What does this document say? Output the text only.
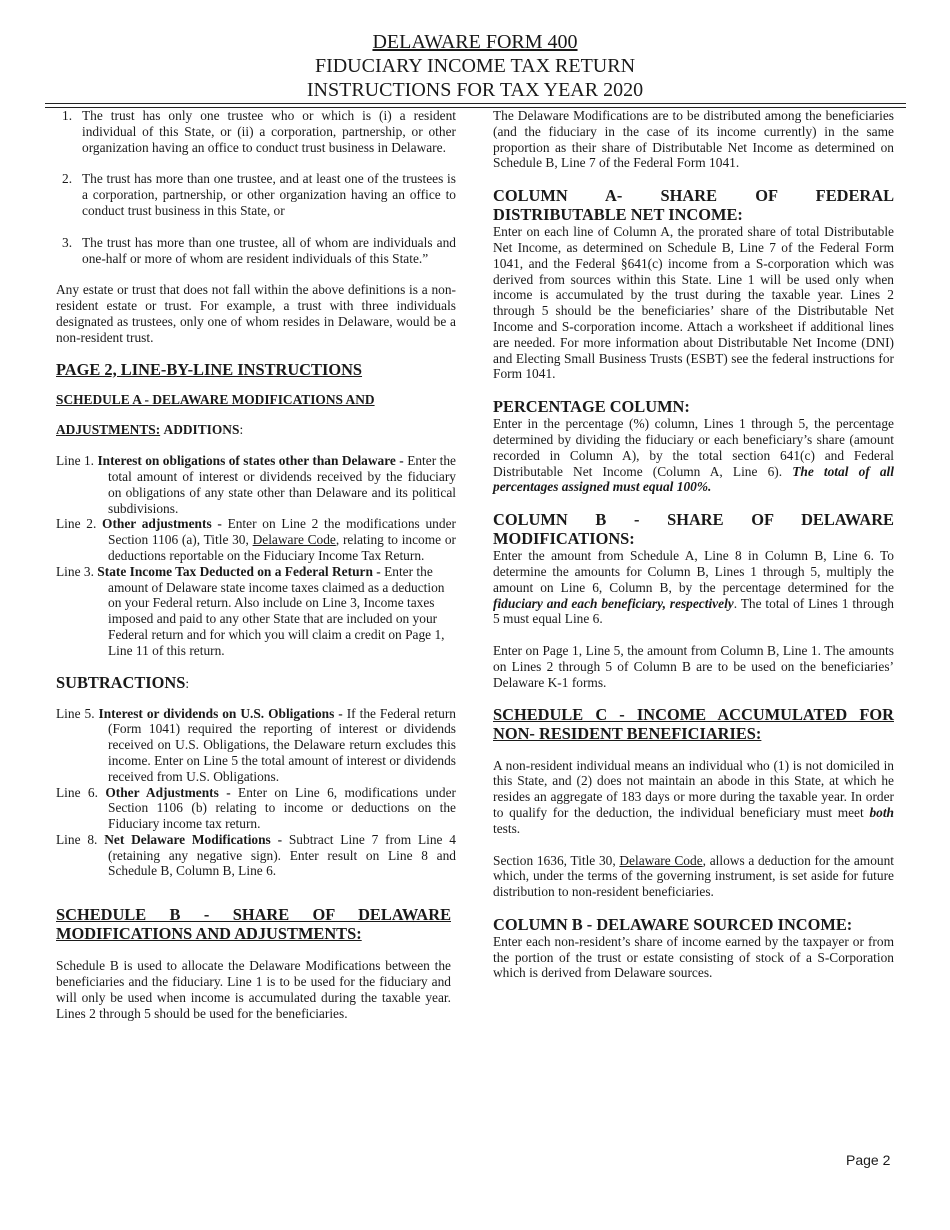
DELAWARE FORM 400
FIDUCIARY INCOME TAX RETURN
INSTRUCTIONS FOR TAX YEAR 2020
1. The trust has only one trustee who or which is (i) a resident individual of this State, or (ii) a corporation, partnership, or other organization having an office to conduct trust business in Delaware.
2. The trust has more than one trustee, and at least one of the trustees is a corporation, partnership, or other organization having an office to conduct trust business in this State, or
3. The trust has more than one trustee, all of whom are individuals and one-half or more of whom are resident individuals of this State.”

Any estate or trust that does not fall within the above definitions is a non-resident estate or trust. For example, a trust with three individuals designated as trustees, only one of whom resides in Delaware, would be a non-resident trust.

PAGE 2, LINE-BY-LINE INSTRUCTIONS
SCHEDULE A - DELAWARE MODIFICATIONS AND
ADJUSTMENTS: ADDITIONS:
Line 1. Interest on obligations of states other than Delaware - Enter the total amount of interest or dividends received by the fiduciary on obligations of any state other than Delaware and its political subdivisions.
Line 2. Other adjustments - Enter on Line 2 the modifications under Section 1106 (a), Title 30, Delaware Code, relating to income or deductions reportable on the Fiduciary Income Tax Return.
Line 3. State Income Tax Deducted on a Federal Return - Enter the amount of Delaware state income taxes claimed as a deduction on your Federal return. Also include on Line 3, Income taxes imposed and paid to any other State that are included on your Federal return and for which you will claim a credit on Page 1, Line 11 of this return.
SUBTRACTIONS:
Line 5. Interest or dividends on U.S. Obligations - If the Federal return (Form 1041) required the reporting of interest or dividends received on U.S. Obligations, the Delaware return excludes this income. Enter on Line 5 the total amount of interest or dividends received from U.S. Obligations.
Line 6. Other Adjustments - Enter on Line 6, modifications under Section 1106 (b) relating to income or deductions on the Fiduciary income tax return.
Line 8. Net Delaware Modifications - Subtract Line 7 from Line 4 (retaining any negative sign). Enter result on Line 8 and Schedule B, Column B, Line 6.
SCHEDULE B - SHARE OF DELAWARE
MODIFICATIONS AND ADJUSTMENTS:

Schedule B is used to allocate the Delaware Modifications between the beneficiaries and the fiduciary. Line 1 is to be used for the fiduciary and will only be used when income is accumulated during the taxable year. Lines 2 through 5 should be used for the beneficiaries.

The Delaware Modifications are to be distributed among the beneficiaries (and the fiduciary in the case of its income currently) in the same proportion as their share of Distributable Net Income as determined on Schedule B, Line 7 of the Federal Form 1041.

COLUMN A- SHARE OF FEDERAL
DISTRIBUTABLE NET INCOME:

Enter on each line of Column A, the prorated share of total Distributable Net Income, as determined on Schedule B, Line 7 of the Federal Form 1041, and the Federal §641(c) income from a S-corporation which was derived from sources within this State. Line 1 will be used only when income is accumulated by the trust during the taxable year. Lines 2 through 5 should be the beneficiaries’ share of the Distributable Net Income and S-corporation income. Attach a worksheet if additional lines are needed. For more information about Distributable Net Income (DNI) and Electing Small Business Trusts (ESBT) see the federal instructions for Form 1041.

PERCENTAGE COLUMN:

Enter in the percentage (%) column, Lines 1 through 5, the percentage determined by dividing the fiduciary or each beneficiary’s share (amount recorded in Column A), by the total section 641(c) and Federal Distributable Net Income (Column A, Line 6). The total of all percentages assigned must equal 100%.

COLUMN B - SHARE OF DELAWARE
MODIFICATIONS:

Enter the amount from Schedule A, Line 8 in Column B, Line 6. To determine the amounts for Column B, Lines 1 through 5, multiply the amount on Line 6, Column B, by the percentage determined for the fiduciary and each beneficiary, respectively. The total of Lines 1 through 5 must equal Line 6.

Enter on Page 1, Line 5, the amount from Column B, Line 1. The amounts on Lines 2 through 5 of Column B are to be used on the beneficiaries’ Delaware K-1 forms.

SCHEDULE C - INCOME ACCUMULATED FOR
NON- RESIDENT BENEFICIARIES:

A non-resident individual means an individual who (1) is not domiciled in this State, and (2) does not maintain an abode in this State, at which he resides an aggregate of 183 days or more during the taxable year. In order to qualify for the deduction, the individual beneficiary must meet both tests.

Section 1636, Title 30, Delaware Code, allows a deduction for the amount which, under the terms of the governing instrument, is set aside for future distribution to non-resident beneficiaries.

COLUMN B - DELAWARE SOURCED INCOME:

Enter each non-resident’s share of income earned by the taxpayer or from the portion of the trust or estate consisting of stock of a S-Corporation which is derived from Delaware sources.

Page 2
